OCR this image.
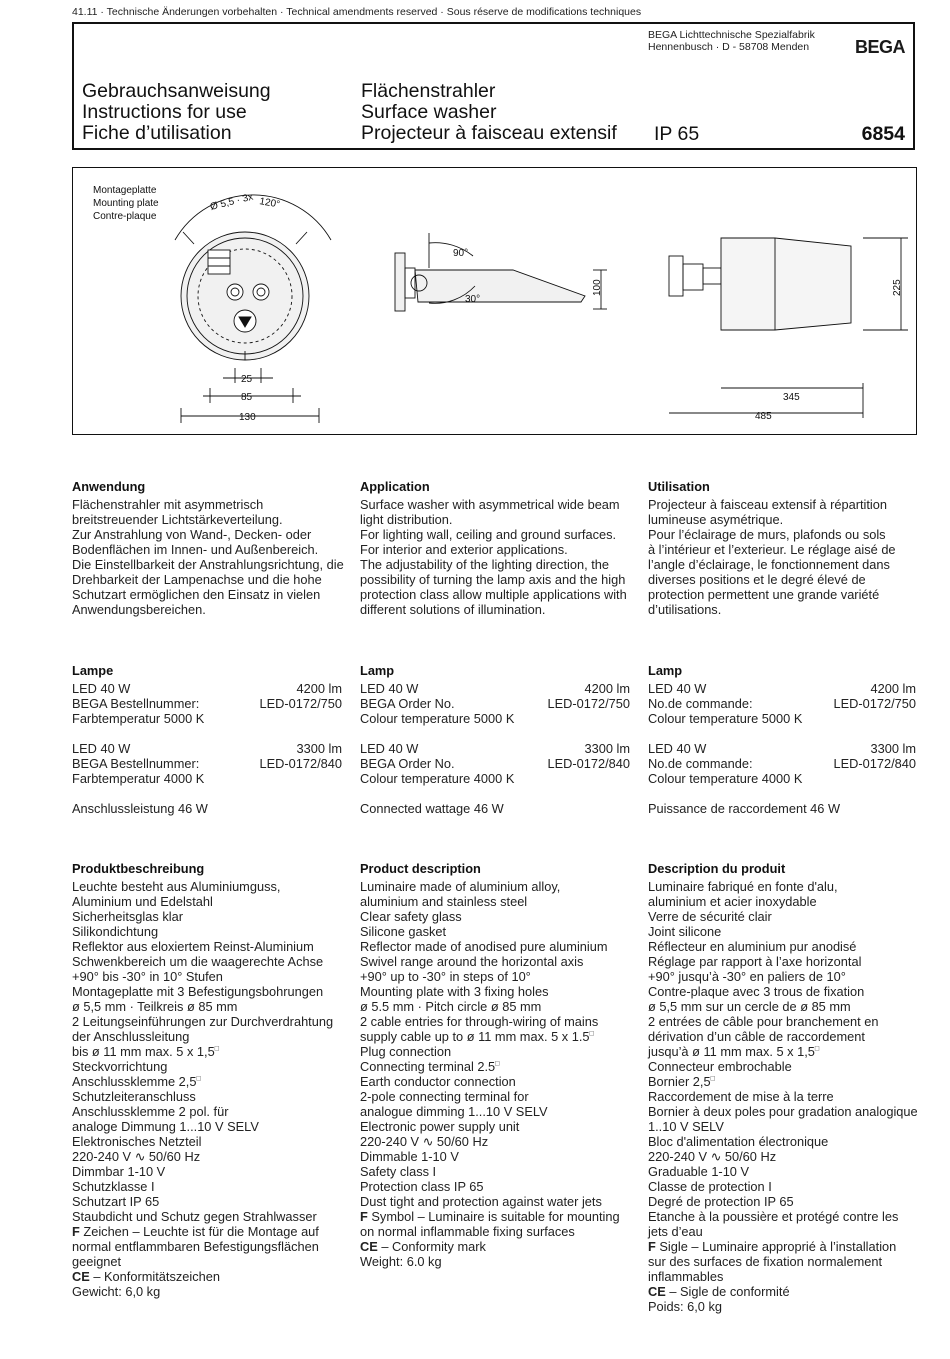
41.11 · Technische Änderungen vorbehalten · Technical amendments reserved · Sous réserve de modifications techniques
BEGA Lichttechnische Spezialfabrik
Hennenbusch · D - 58708 Menden	BEGA
Gebrauchsanweisung
Instructions for use
Fiche d’utilisation
Flächenstrahler
Surface washer
Projecteur à faisceau extensif IP 65	6854
Montageplatte
Mounting plate
Contre-plaque
Ø 5,5 · 3x 120°
25
85
130
90°
30°
100	225
345
485
Anwendung

Flächenstrahler mit asymmetrisch
breitstreuender Lichtstärkeverteilung.
Zur Anstrahlung von Wand-, Decken- oder
Bodenflächen im Innen- und Außenbereich.
Die Einstellbarkeit der Anstrahlungsrichtung, die
Drehbarkeit der Lampenachse und die hohe
Schutzart ermöglichen den Einsatz in vielen
Anwendungsbereichen.

Application

Surface washer with asymmetrical wide beam
light distribution.
For lighting wall, ceiling and ground surfaces.
For interior and exterior applications.
The adjustability of the lighting direction, the
possibility of turning the lamp axis and the high
protection class allow multiple applications with
different solutions of illumination.

Utilisation

Projecteur à faisceau extensif à répartition
lumineuse asymétrique.
Pour l’éclairage de murs, plafonds ou sols
à l’intérieur et l’exterieur. Le réglage aisé de
l’angle d’éclairage, le fonctionnement dans
diverses positions et le degré élevé de
protection permettent une grande variété
d’utilisations.

Lampe
LED 40 W	4200 lm
BEGA Bestellnummer:	LED-0172/750
Farbtemperatur 5000 K
LED 40 W	3300 lm
BEGA Bestellnummer:	LED-0172/840
Farbtemperatur 4000 K
Anschlussleistung 46 W
Lamp
LED 40 W	4200 lm
BEGA Order No.	LED-0172/750
Colour temperature 5000 K
LED 40 W	3300 lm
BEGA Order No.	LED-0172/840
Colour temperature 4000 K
Connected wattage 46 W
Lamp
LED 40 W	4200 lm
No.de commande:	LED-0172/750
Colour temperature 5000 K
LED 40 W	3300 lm
No.de commande:	LED-0172/840
Colour temperature 4000 K
Puissance de raccordement 46 W
Produktbeschreibung
Leuchte besteht aus Aluminiumguss,
Aluminium und Edelstahl
Sicherheitsglas klar
Silikondichtung
Reflektor aus eloxiertem Reinst-Aluminium
Schwenkbereich um die waagerechte Achse
+90° bis -30° in 10° Stufen
Montageplatte mit 3 Befestigungsbohrungen
ø 5,5 mm · Teilkreis ø 85 mm
2 Leitungseinführungen zur Durchverdrahtung
der Anschlussleitung
bis ø 11 mm max. 5 x 1,5□
Steckvorrichtung
Anschlussklemme 2,5□
Schutzleiteranschluss
Anschlussklemme 2 pol. für
analoge Dimmung 1...10 V SELV
Elektronisches Netzteil
220-240 V ∿ 50/60 Hz
Dimmbar 1-10 V
Schutzklasse I
Schutzart IP 65
Staubdicht und Schutz gegen Strahlwasser
F Zeichen – Leuchte ist für die Montage auf
normal entflammbaren Befestigungsflächen
geeignet
CE – Konformitätszeichen
Gewicht: 6,0 kg
Product description
Luminaire made of aluminium alloy,
aluminium and stainless steel
Clear safety glass
Silicone gasket
Reflector made of anodised pure aluminium
Swivel range around the horizontal axis
+90° up to -30° in steps of 10°
Mounting plate with 3 fixing holes
ø 5.5 mm · Pitch circle ø 85 mm
2 cable entries for through-wiring of mains
supply cable up to ø 11 mm max. 5 x 1.5□
Plug connection
Connecting terminal 2.5□
Earth conductor connection
2-pole connecting terminal for
analogue dimming 1...10 V SELV
Electronic power supply unit
220-240 V ∿ 50/60 Hz
Dimmable 1-10 V
Safety class I
Protection class IP 65
Dust tight and protection against water jets
F Symbol – Luminaire is suitable for mounting
on normal inflammable fixing surfaces
CE – Conformity mark
Weight: 6.0 kg
Description du produit
Luminaire fabriqué en fonte d'alu,
aluminium et acier inoxydable
Verre de sécurité clair
Joint silicone
Réflecteur en aluminium pur anodisé
Réglage par rapport à l’axe horizontal
+90° jusqu’à -30° en paliers de 10°
Contre-plaque avec 3 trous de fixation
ø 5,5 mm sur un cercle de ø 85 mm
2 entrées de câble pour branchement en
dérivation d’un câble de raccordement
jusqu’à ø 11 mm max. 5 x 1,5□
Connecteur embrochable
Bornier 2,5□
Raccordement de mise à la terre
Bornier à deux poles pour gradation analogique
1..10 V SELV
Bloc d'alimentation électronique
220-240 V ∿ 50/60 Hz
Graduable 1-10 V
Classe de protection I
Degré de protection IP 65
Etanche à la poussière et protégé contre les
jets d’eau
F Sigle – Luminaire approprié à l’installation
sur des surfaces de fixation normalement
inflammables
CE – Sigle de conformité
Poids: 6,0 kg
